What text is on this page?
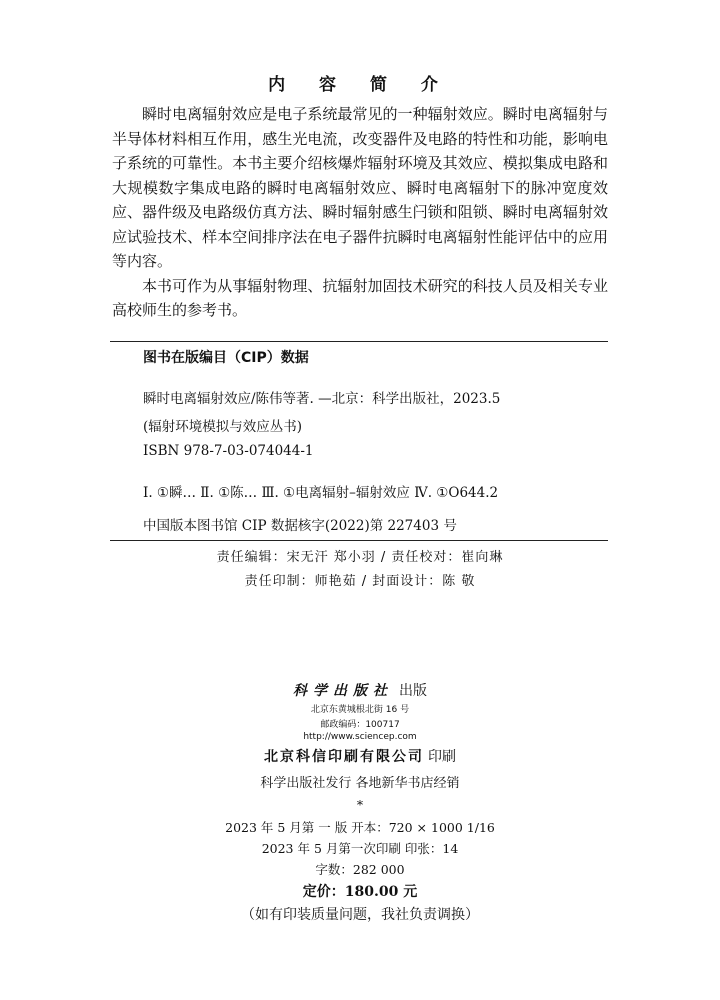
内 容 简 介

瞬时电离辐射效应是电子系统最常见的一种辐射效应。瞬时电离辐射与半导体材料相互作用，感生光电流，改变器件及电路的特性和功能，影响电子系统的可靠性。本书主要介绍核爆炸辐射环境及其效应、模拟集成电路和大规模数字集成电路的瞬时电离辐射效应、瞬时电离辐射下的脉冲宽度效应、器件级及电路级仿真方法、瞬时辐射感生闩锁和阻锁、瞬时电离辐射效应试验技术、样本空间排序法在电子器件抗瞬时电离辐射性能评估中的应用等内容。

本书可作为从事辐射物理、抗辐射加固技术研究的科技人员及相关专业高校师生的参考书。

图书在版编目（CIP）数据
瞬时电离辐射效应/陈伟等著. —北京：科学出版社，2023.5
(辐射环境模拟与效应丛书)
ISBN 978-7-03-074044-1
Ⅰ. ①瞬… Ⅱ. ①陈… Ⅲ. ①电离辐射–辐射效应 Ⅳ. ①O644.2
中国版本图书馆 CIP 数据核字(2022)第 227403 号
责任编辑：宋无汗 郑小羽 / 责任校对：崔向琳
责任印制：师艳茹 / 封面设计：陈 敬
科学出版社 出版
北京东黄城根北街 16 号
邮政编码：100717
http://www.sciencep.com
北京科信印刷有限公司 印刷
科学出版社发行 各地新华书店经销
*
2023 年 5 月第 一 版 开本：720 × 1000 1/16
2023 年 5 月第一次印刷 印张：14
字数：282 000
定价：180.00 元
（如有印装质量问题，我社负责调换）
